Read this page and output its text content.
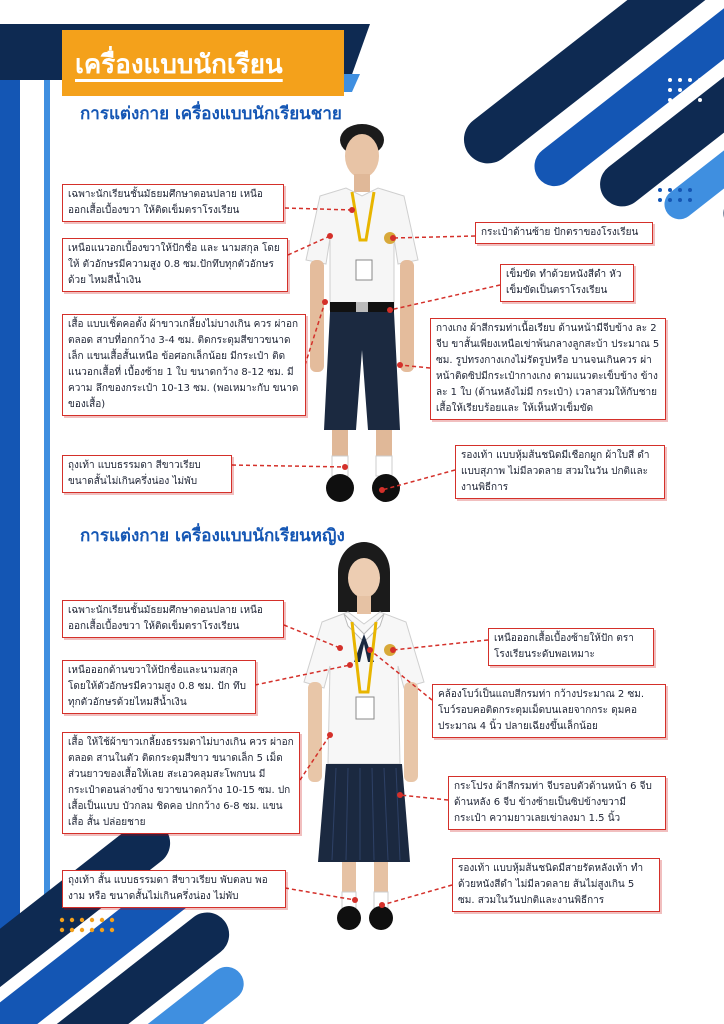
เครื่องแบบนักเรียน
การแต่งกาย เครื่องแบบนักเรียนชาย
เฉพาะนักเรียนชั้นมัธยมศึกษาตอนปลาย เหนือออกเสื้อเบื้องขวา ให้ติดเข็มตราโรงเรียน
เหนือแนวอกเบื้องขวาให้ปักชื่อ และ นามสกุล โดยให้ ตัวอักษรมีความสูง 0.8 ซม.ปักทึบทุกตัวอักษรด้วย ไหมสีน้ำเงิน
เสื้อ แบบเชิ้ตคอตั้ง ผ้าขาวเกลี้ยงไม่บางเกิน ควร ผ่าอกตลอด สาบที่อกกว้าง 3-4 ซม. ติดกระดุมสีขาวขนาดเล็ก แขนเสื้อสั้นเหนือ ข้อศอกเล็กน้อย มีกระเป๋า ติดแนวอกเสื้อที่ เบื้องซ้าย 1 ใบ ขนาดกว้าง 8-12 ซม. มีความ ลึกของกระเป๋า 10-13 ซม. (พอเหมาะกับ ขนาดของเสื้อ)
ถุงเท้า แบบธรรมดา สีขาวเรียบ ขนาดสั้นไม่เกินครึ่งน่อง ไม่พับ
กระเป๋าด้านซ้าย ปักตราของโรงเรียน
เข็มขัด ทำด้วยหนังสีดำ หัวเข็มขัดเป็นตราโรงเรียน
กางเกง ผ้าสีกรมท่าเนื้อเรียบ ด้านหน้ามีจีบข้าง ละ 2 จีบ ขาสั้นเพียงเหนือเข่าพ้นกลางลูกสะบ้า ประมาณ 5 ซม. รูปทรงกางเกงไม่รัดรูปหรือ บานจนเกินควร ผ่าหน้าติดซิปมีกระเป๋ากางเกง ตามแนวตะเข็บข้าง ข้างละ 1 ใบ (ด้านหลังไม่มี กระเป๋า) เวลาสวมให้กับชายเสื้อให้เรียบร้อยและ ให้เห็นหัวเข็มขัด
รองเท้า แบบหุ้มส้นชนิดมีเชือกผูก ผ้าใบสี ดำ แบบสุภาพ ไม่มีลวดลาย สวมในวัน ปกติและงานพิธีการ
การแต่งกาย เครื่องแบบนักเรียนหญิง
เฉพาะนักเรียนชั้นมัธยมศึกษาตอนปลาย เหนือออกเสื้อเบื้องขวา ให้ติดเข็มตราโรงเรียน
เหนือออกด้านขวาให้ปักชื่อและนามสกุล โดยให้ตัวอักษรมีความสูง 0.8 ซม. ปัก ทึบทุกตัวอักษรด้วยไหมสีน้ำเงิน
เสื้อ ให้ใช้ผ้าขาวเกลี้ยงธรรมดาไม่บางเกิน ควร ผ่าอกตลอด สานในตัว ติดกระดุมสีขาว ขนาดเล็ก 5 เม็ด ส่วนยาวของเสื้อให้เลย สะเอวคลุมสะโพกบน มีกระเป๋าตอนล่างข้าง ขวาขนาดกว้าง 10-15 ซม. ปกเสื้อเป็นแบบ บัวกลม ชิดคอ ปกกว้าง 6-8 ซม. แขนเสื้อ สั้น ปล่อยชาย
ถุงเท้า สั้น แบบธรรมดา สีขาวเรียบ พับตลบ พองาม หรือ ขนาดสั้นไม่เกินครึ่งน่อง ไม่พับ
เหนือออกเสื้อเบื้องซ้ายให้ปัก ตราโรงเรียนระดับพอเหมาะ
คล้องโบว์เป็นแถบสีกรมท่า กว้างประมาณ 2 ซม. โบว์รอบคอติดกระดุมเม็ดบนเลยจากกระ ดุมคอประมาณ 4 นิ้ว ปลายเฉียงขึ้นเล็กน้อย
กระโปรง ผ้าสีกรมท่า จีบรอบตัวด้านหน้า 6 จีบ ด้านหลัง 6 จีบ ข้างซ้ายเป็นซิปข้างขวามี กระเป๋า ความยาวเลยเข่าลงมา 1.5 นิ้ว
รองเท้า แบบหุ้มส้นชนิดมีสายรัดหลังเท้า ทำด้วยหนังสีดำ ไม่มีลวดลาย ส้นไม่สูงเกิน 5 ซม. สวมในวันปกติและงานพิธีการ
